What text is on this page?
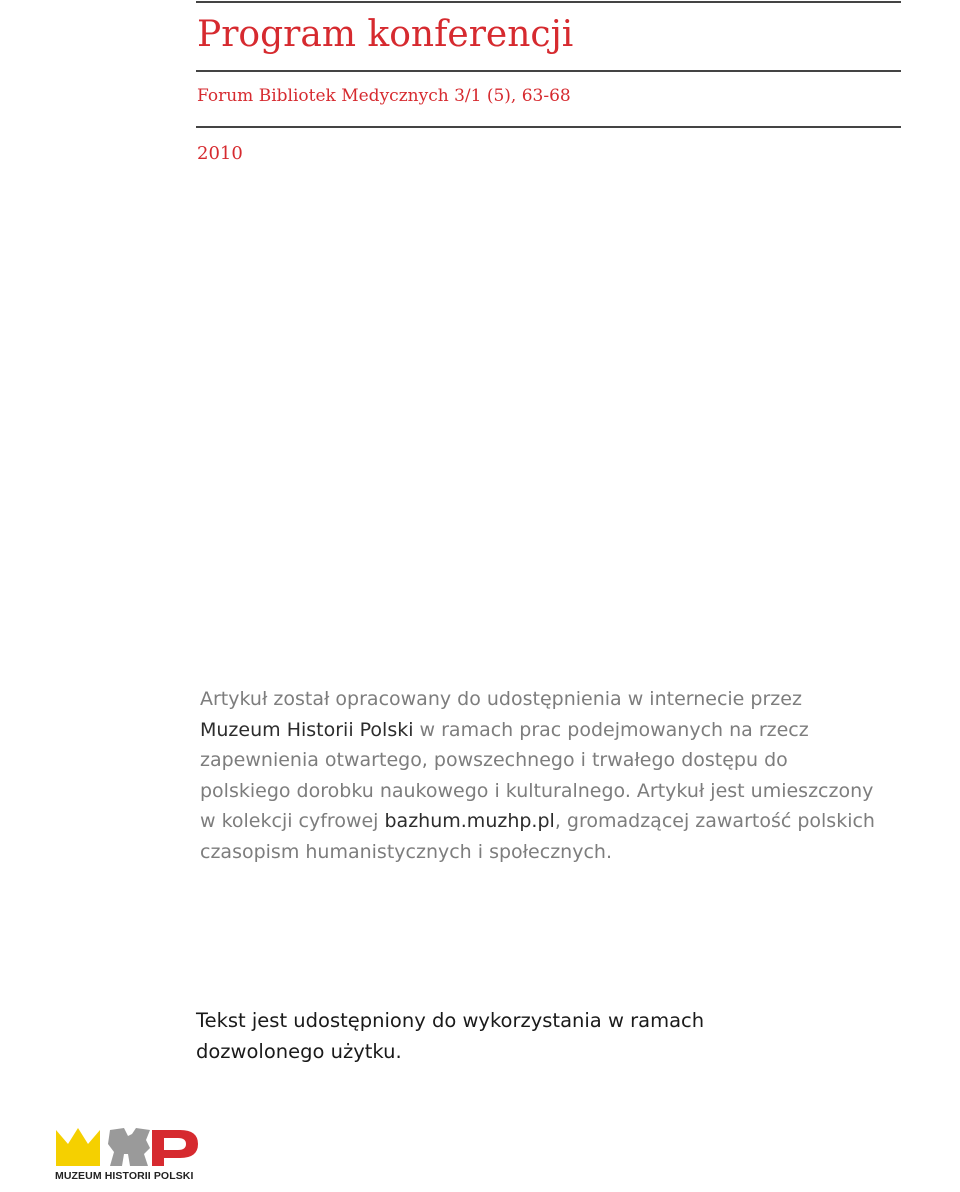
Program konferencji
Forum Bibliotek Medycznych 3/1 (5), 63-68
2010
Artykuł został opracowany do udostępnienia w internecie przez
Muzeum Historii Polski w ramach prac podejmowanych na rzecz
zapewnienia otwartego, powszechnego i trwałego dostępu do
polskiego dorobku naukowego i kulturalnego. Artykuł jest umieszczony
w kolekcji cyfrowej bazhum.muzhp.pl, gromadzącej zawartość polskich
czasopism humanistycznych i społecznych.
Tekst jest udostępniony do wykorzystania w ramach
dozwolonego użytku.
MUZEUM HISTORII POLSKI
